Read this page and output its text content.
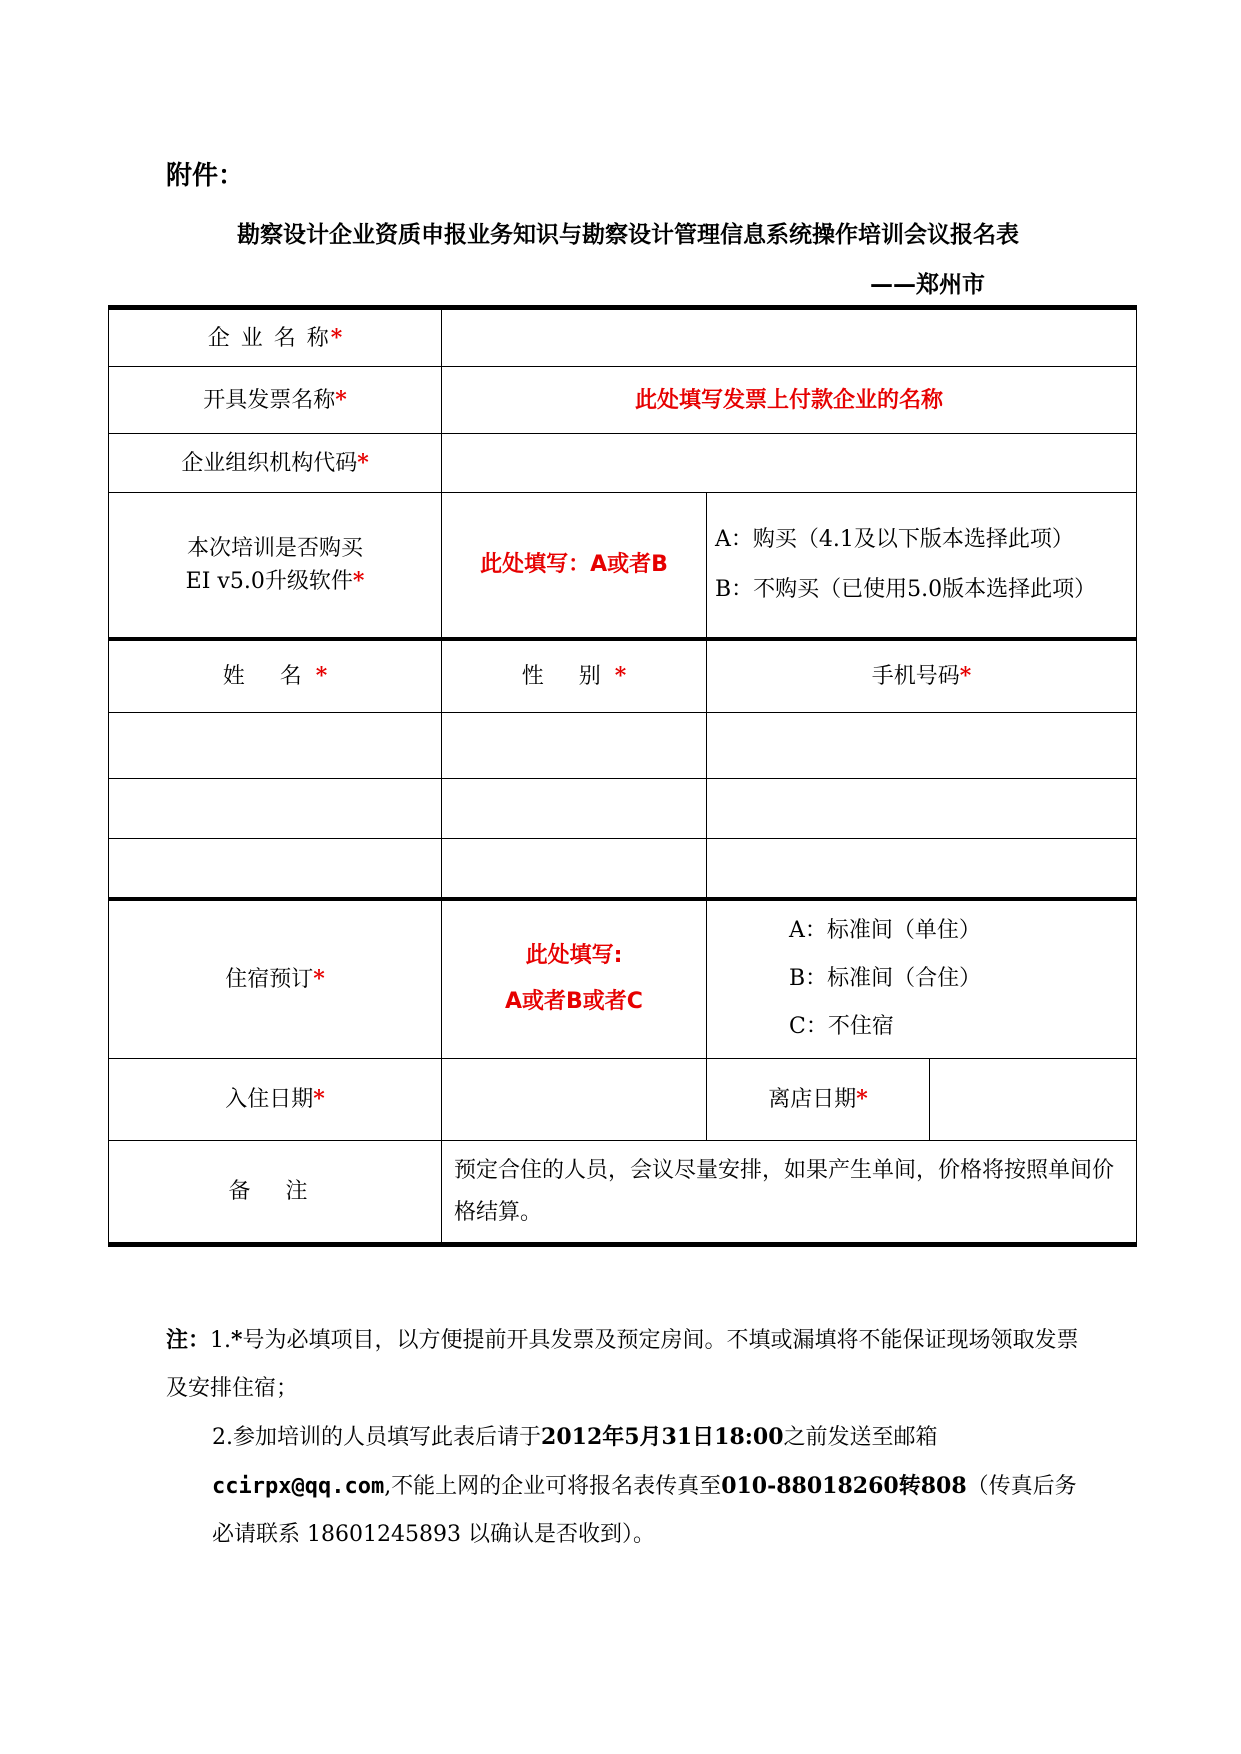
附件：
勘察设计企业资质申报业务知识与勘察设计管理信息系统操作培训会议报名表
——郑州市
企 业 名 称*			
开具发票名称*	此处填写发票上付款企业的名称		
企业组织机构代码*			

本次培训是否购买
EI v5.0升级软件*	此处填写：A或者B	A：购买（4.1及以下版本选择此项）
B：不购买（已使用5.0版本选择此项）	

姓 名*	性 别*	手机号码*	

住宿预订*	此处填写:
A或者B或者C	A：标准间（单住）
B：标准间（合住）
C：不住宿	

入住日期*		离店日期*	
备 注	预定合住的人员，会议尽量安排，如果产生单间，价格将按照单间价格结算。		
注：1.*号为必填项目，以方便提前开具发票及预定房间。不填或漏填将不能保证现场领取发票及安排住宿；
2.参加培训的人员填写此表后请于2012年5月31日18:00之前发送至邮箱ccirpx@qq.com,不能上网的企业可将报名表传真至010-88018260转808（传真后务必请联系 18601245893 以确认是否收到）。
